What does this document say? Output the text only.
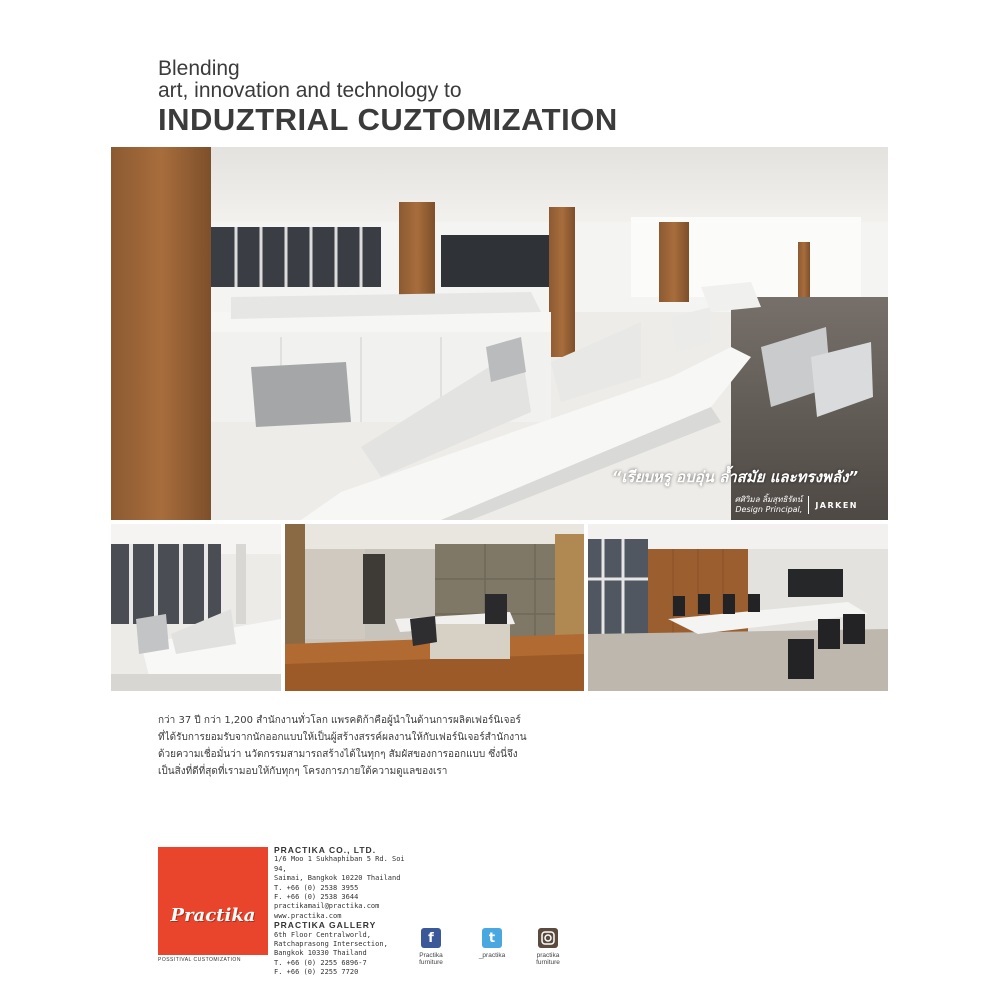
Blending
art, innovation and technology to
INDUZTRIAL CUZTOMIZATION
“เรียบหรู อบอุ่น ล้ำสมัย และทรงพลัง”
ศศิวิมล ลิ้มสุทธิรัตน์
Design Principal, JARKEN
กว่า 37 ปี กว่า 1,200 สำนักงานทั่วโลก แพรคติก้าคือผู้นำในด้านการผลิตเฟอร์นิเจอร์
ที่ได้รับการยอมรับจากนักออกแบบให้เป็นผู้สร้างสรรค์ผลงานให้กับเฟอร์นิเจอร์สำนักงาน
ด้วยความเชื่อมั่นว่า นวัตกรรมสามารถสร้างได้ในทุกๆ สัมผัสของการออกแบบ ซึ่งนี่จึง
เป็นสิ่งที่ดีที่สุดที่เรามอบให้กับทุกๆ โครงการภายใต้ความดูแลของเรา
Practika
POSSITIVAL CUSTOMIZATION
PRACTIKA CO., LTD.
1/6 Moo 1 Sukhaphiban 5 Rd. Soi 94,
Saimai, Bangkok 10220 Thailand
T. +66 (0) 2538 3955
F. +66 (0) 2538 3644
practikamail@practika.com
www.practika.com
PRACTIKA GALLERY
6th Floor Centralworld,
Ratchaprasong Intersection,
Bangkok 10330 Thailand
T. +66 (0) 2255 6896-7
F. +66 (0) 2255 7720
f
Practika furniture
t
_practika	practika furniture
